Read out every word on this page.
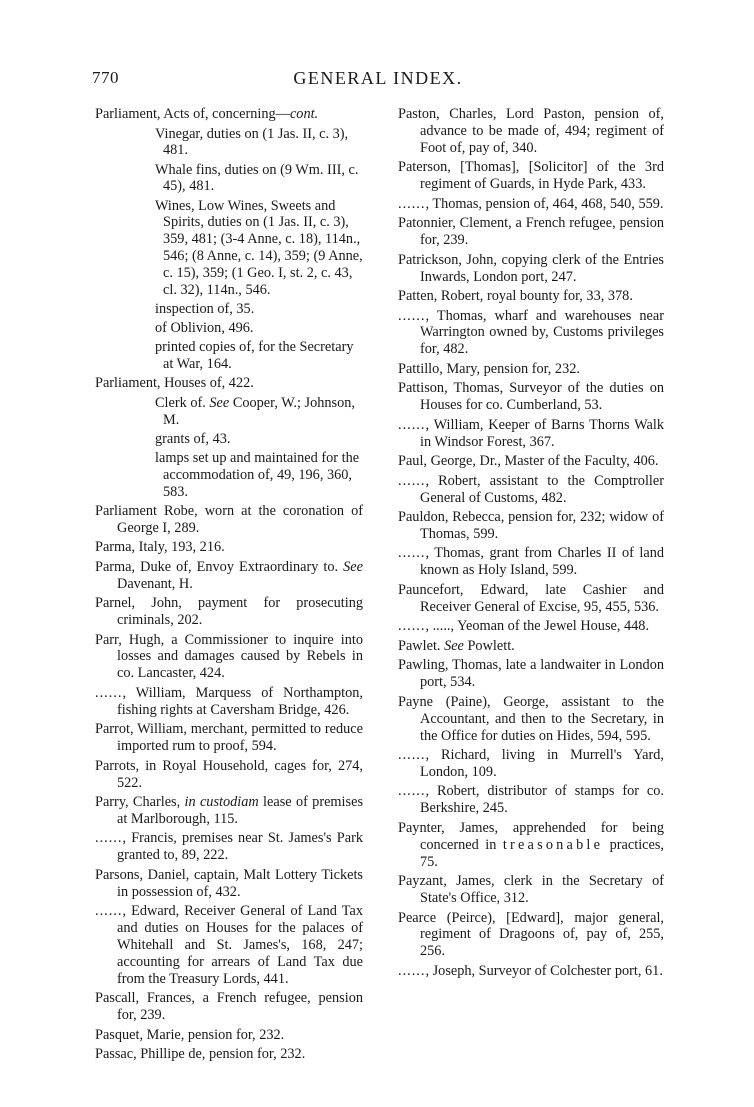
770	GENERAL INDEX.
Parliament, Acts of, concerning—cont.
Vinegar, duties on (1 Jas. II, c. 3), 481.
Whale fins, duties on (9 Wm. III, c. 45), 481.
Wines, Low Wines, Sweets and Spirits, duties on (1 Jas. II, c. 3), 359, 481; (3-4 Anne, c. 18), 114n., 546; (8 Anne, c. 14), 359; (9 Anne, c. 15), 359; (1 Geo. I, st. 2, c. 43, cl. 32), 114n., 546.
inspection of, 35.
of Oblivion, 496.
printed copies of, for the Secretary at War, 164.
Parliament, Houses of, 422.
Clerk of. See Cooper, W.; Johnson, M.
grants of, 43.
lamps set up and maintained for the accommodation of, 49, 196, 360, 583.
Parliament Robe, worn at the coronation of George I, 289.
Parma, Italy, 193, 216.
Parma, Duke of, Envoy Extraordinary to. See Davenant, H.
Parnel, John, payment for prosecuting criminals, 202.
Parr, Hugh, a Commissioner to inquire into losses and damages caused by Rebels in co. Lancaster, 424.
......, William, Marquess of Northampton, fishing rights at Caversham Bridge, 426.
Parrot, William, merchant, permitted to reduce imported rum to proof, 594.
Parrots, in Royal Household, cages for, 274, 522.
Parry, Charles, in custodiam lease of premises at Marlborough, 115.
......, Francis, premises near St. James's Park granted to, 89, 222.
Parsons, Daniel, captain, Malt Lottery Tickets in possession of, 432.
......, Edward, Receiver General of Land Tax and duties on Houses for the palaces of Whitehall and St. James's, 168, 247; accounting for arrears of Land Tax due from the Treasury Lords, 441.
Pascall, Frances, a French refugee, pension for, 239.
Pasquet, Marie, pension for, 232.
Passac, Phillipe de, pension for, 232.
Paston, Charles, Lord Paston, pension of, advance to be made of, 494; regiment of Foot of, pay of, 340.
Paterson, [Thomas], [Solicitor] of the 3rd regiment of Guards, in Hyde Park, 433.
......, Thomas, pension of, 464, 468, 540, 559.
Patonnier, Clement, a French refugee, pension for, 239.
Patrickson, John, copying clerk of the Entries Inwards, London port, 247.
Patten, Robert, royal bounty for, 33, 378.
......, Thomas, wharf and warehouses near Warrington owned by, Customs privileges for, 482.
Pattillo, Mary, pension for, 232.
Pattison, Thomas, Surveyor of the duties on Houses for co. Cumberland, 53.
......, William, Keeper of Barns Thorns Walk in Windsor Forest, 367.
Paul, George, Dr., Master of the Faculty, 406.
......, Robert, assistant to the Comptroller General of Customs, 482.
Pauldon, Rebecca, pension for, 232; widow of Thomas, 599.
......, Thomas, grant from Charles II of land known as Holy Island, 599.
Pauncefort, Edward, late Cashier and Receiver General of Excise, 95, 455, 536.
......, ....., Yeoman of the Jewel House, 448.
Pawlet. See Powlett.
Pawling, Thomas, late a landwaiter in London port, 534.
Payne (Paine), George, assistant to the Accountant, and then to the Secretary, in the Office for duties on Hides, 594, 595.
......, Richard, living in Murrell's Yard, London, 109.
......, Robert, distributor of stamps for co. Berkshire, 245.
Paynter, James, apprehended for being concerned in treasonable practices, 75.
Payzant, James, clerk in the Secretary of State's Office, 312.
Pearce (Peirce), [Edward], major general, regiment of Dragoons of, pay of, 255, 256.
......, Joseph, Surveyor of Colchester port, 61.
